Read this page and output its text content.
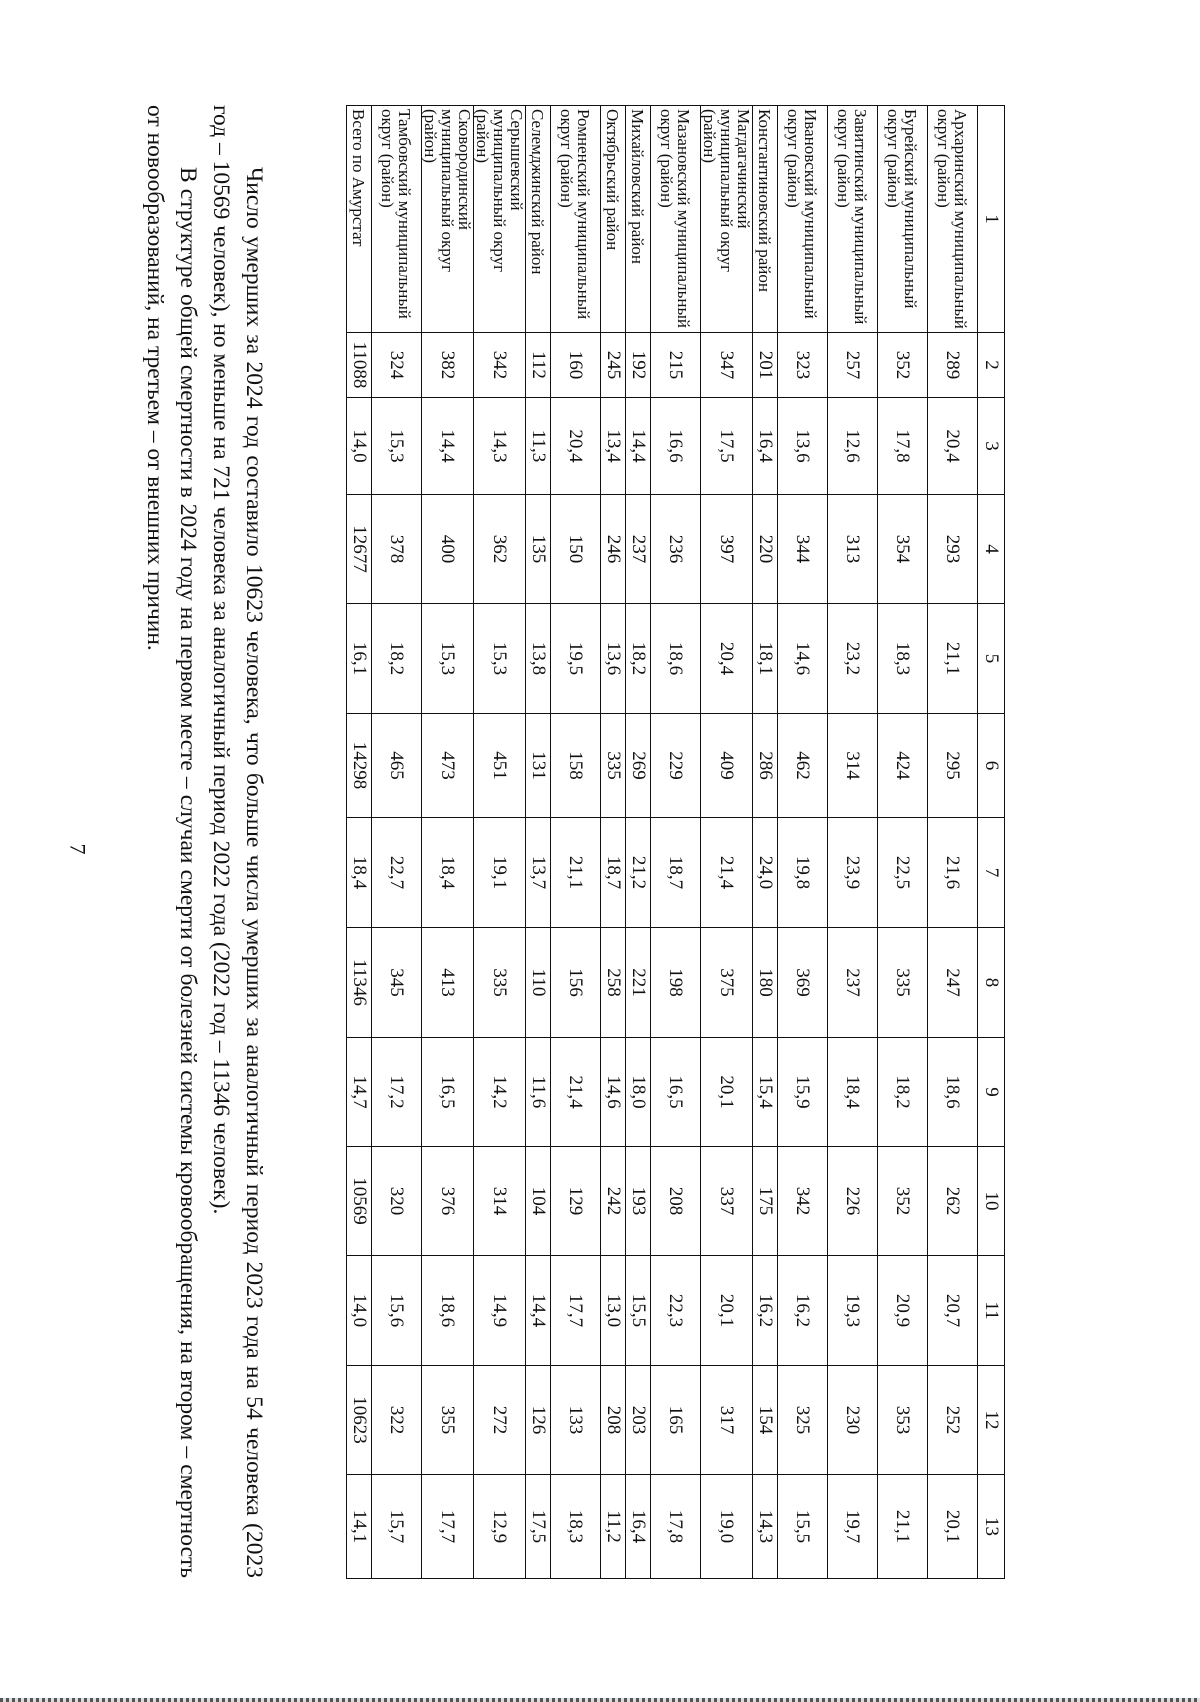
7
1	2	3	4	5	6	7	8	9	10	11	12	13
Архаринский муниципальный округ (район)	289	20,4	293	21,1	295	21,6	247	18,6	262	20,7	252	20,1
Бурейский муниципальный округ (район)	352	17,8	354	18,3	424	22,5	335	18,2	352	20,9	353	21,1
Завитинский муниципальный округ (район)	257	12,6	313	23,2	314	23,9	237	18,4	226	19,3	230	19,7
Ивановский муниципальный округ (район)	323	13,6	344	14,6	462	19,8	369	15,9	342	16,2	325	15,5
Константиновский район	201	16,4	220	18,1	286	24,0	180	15,4	175	16,2	154	14,3
Магдагачинский муниципальный округ (район)	347	17,5	397	20,4	409	21,4	375	20,1	337	20,1	317	19,0
Мазановский муниципальный округ (район)	215	16,6	236	18,6	229	18,7	198	16,5	208	22,3	165	17,8
Михайловский район	192	14,4	237	18,2	269	21,2	221	18,0	193	15,5	203	16,4
Октябрьский район	245	13,4	246	13,6	335	18,7	258	14,6	242	13,0	208	11,2
Ромненский муниципальный округ (район)	160	20,4	150	19,5	158	21,1	156	21,4	129	17,7	133	18,3
Селемджинский район	112	11,3	135	13,8	131	13,7	110	11,6	104	14,4	126	17,5
Серышевский муниципальный округ (район)	342	14,3	362	15,3	451	19,1	335	14,2	314	14,9	272	12,9
Сковородинский муниципальный округ (район)	382	14,4	400	15,3	473	18,4	413	16,5	376	18,6	355	17,7
Тамбовский муниципальный округ (район)	324	15,3	378	18,2	465	22,7	345	17,2	320	15,6	322	15,7
Всего по Амурстат	11088	14,0	12677	16,1	14298	18,4	11346	14,7	10569	14,0	10623	14,1

Число умерших за 2024 год составило 10623 человека, что больше числа умерших за аналогичный период 2023 года на 54 человека (2023 год – 10569 человек), но меньше на 721 человека за аналогичный период 2022 года (2022 год – 11346 человек).

В структуре общей смертности в 2024 году на первом месте – случаи смерти от болезней системы кровообращения, на втором – смертность от новообразований, на третьем – от внешних причин.
